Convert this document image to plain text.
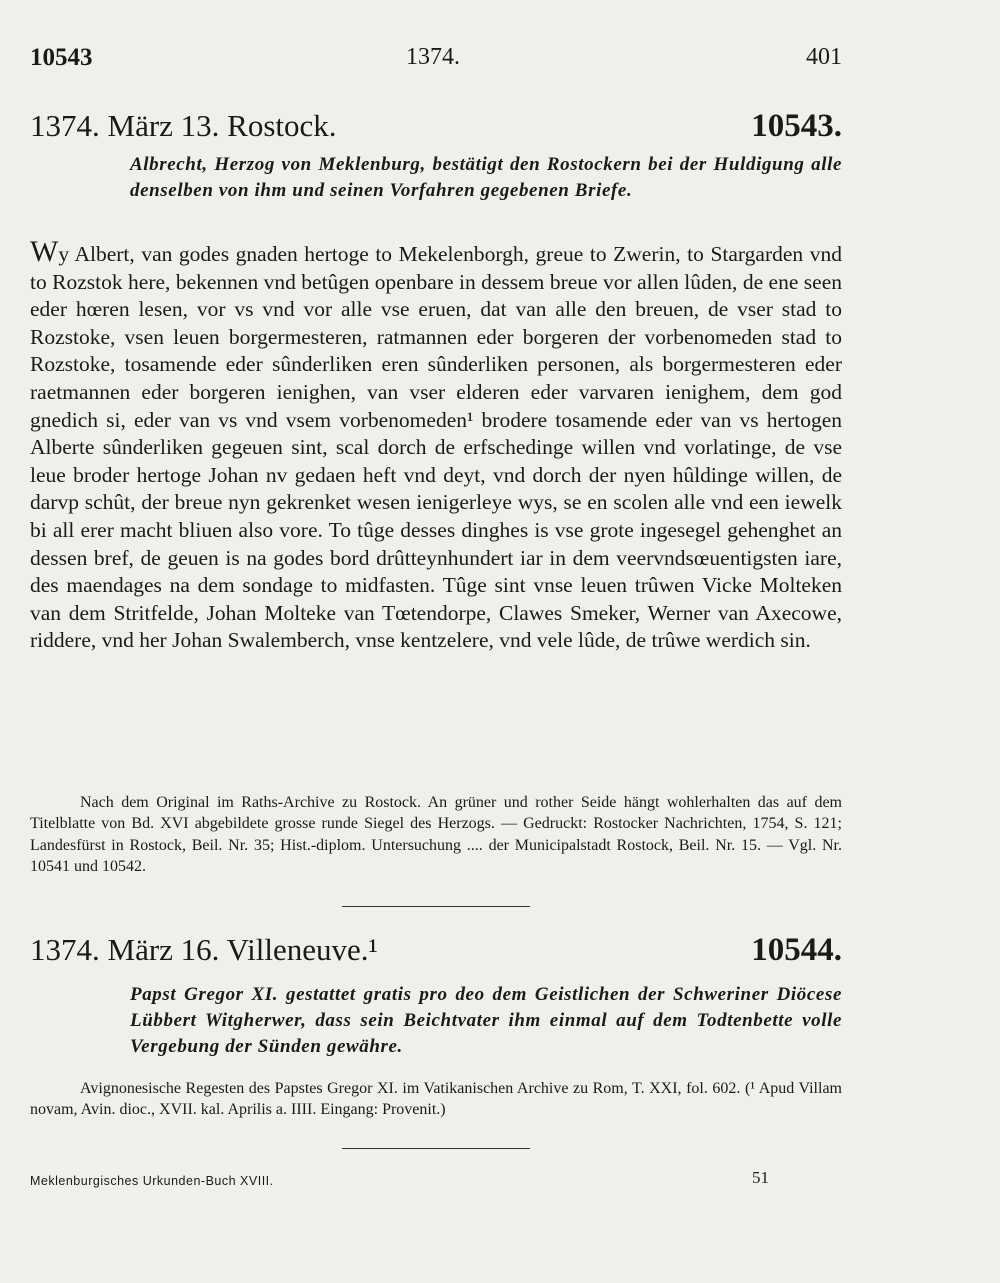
10543	1374.	401
1374. März 13. Rostock.	10543.
Albrecht, Herzog von Meklenburg, bestätigt den Rostockern bei der Huldigung alle denselben von ihm und seinen Vorfahren gegebenen Briefe.

Wy Albert, van godes gnaden hertoge to Mekelenborgh, greue to Zwerin, to Stargarden vnd to Rozstok here, bekennen vnd betûgen openbare in dessem breue vor allen lûden, de ene seen eder hœren lesen, vor vs vnd vor alle vse eruen, dat van alle den breuen, de vser stad to Rozstoke, vsen leuen borgermesteren, ratmannen eder borgeren der vorbenomeden stad to Rozstoke, tosamende eder sûnderliken eren sûnderliken personen, als borgermesteren eder raetmannen eder borgeren ienighen, van vser elderen eder varvaren ienighem, dem god gnedich si, eder van vs vnd vsem vorbenomeden¹ brodere tosamende eder van vs hertogen Alberte sûnderliken gegeuen sint, scal dorch de erfschedinge willen vnd vorlatinge, de vse leue broder hertoge Johan nv gedaen heft vnd deyt, vnd dorch der nyen hûldinge willen, de darvp schût, der breue nyn gekrenket wesen ienigerleye wys, se en scolen alle vnd een iewelk bi all erer macht bliuen also vore. To tûge desses dinghes is vse grote ingesegel gehenghet an dessen bref, de geuen is na godes bord drûtteynhundert iar in dem veervndsœuentigsten iare, des maendages na dem sondage to midfasten. Tûge sint vnse leuen trûwen Vicke Molteken van dem Stritfelde, Johan Molteke van Tœtendorpe, Clawes Smeker, Werner van Axecowe, riddere, vnd her Johan Swalemberch, vnse kentzelere, vnd vele lûde, de trûwe werdich sin.

Nach dem Original im Raths-Archive zu Rostock. An grüner und rother Seide hängt wohlerhalten das auf dem Titelblatte von Bd. XVI abgebildete grosse runde Siegel des Herzogs. — Gedruckt: Rostocker Nachrichten, 1754, S. 121; Landesfürst in Rostock, Beil. Nr. 35; Hist.-diplom. Untersuchung .... der Municipalstadt Rostock, Beil. Nr. 15. — Vgl. Nr. 10541 und 10542.
1374. März 16. Villeneuve.¹	10544.
Papst Gregor XI. gestattet gratis pro deo dem Geistlichen der Schweriner Diöcese Lübbert Witgherwer, dass sein Beichtvater ihm einmal auf dem Todtenbette volle Vergebung der Sünden gewähre.
Avignonesische Regesten des Papstes Gregor XI. im Vatikanischen Archive zu Rom, T. XXI, fol. 602. (¹ Apud Villam novam, Avin. dioc., XVII. kal. Aprilis a. IIII. Eingang: Provenit.)
Meklenburgisches Urkunden-Buch XVIII.	51
